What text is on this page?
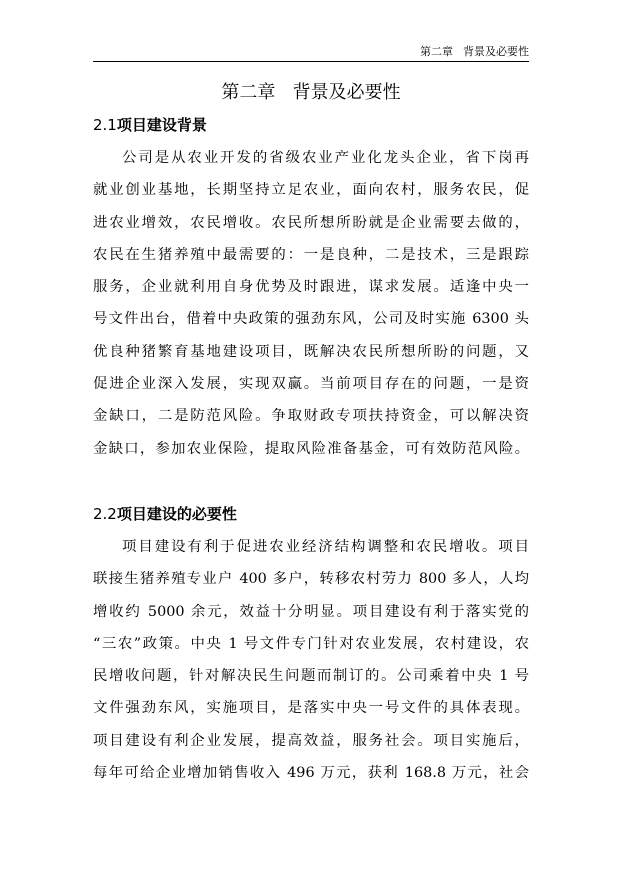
第二章 背景及必要性
第二章   背景及必要性
2.1项目建设背景
公司是从农业开发的省级农业产业化龙头企业，省下岗再
就业创业基地，长期坚持立足农业，面向农村，服务农民，促
进农业增效，农民增收。农民所想所盼就是企业需要去做的，
农民在生猪养殖中最需要的：一是良种，二是技术，三是跟踪
服务，企业就利用自身优势及时跟进，谋求发展。适逢中央一
号文件出台，借着中央政策的强劲东风，公司及时实施 6300 头
优良种猪繁育基地建设项目，既解决农民所想所盼的问题，又
促进企业深入发展，实现双赢。当前项目存在的问题，一是资
金缺口，二是防范风险。争取财政专项扶持资金，可以解决资
金缺口，参加农业保险，提取风险准备基金，可有效防范风险。
2.2项目建设的必要性
项目建设有利于促进农业经济结构调整和农民增收。项目
联接生猪养殖专业户 400 多户，转移农村劳力 800 多人，人均
增收约 5000 余元，效益十分明显。项目建设有利于落实党的
“三农”政策。中央 1 号文件专门针对农业发展，农村建设，农
民增收问题，针对解决民生问题而制订的。公司乘着中央 1 号
文件强劲东风，实施项目，是落实中央一号文件的具体表现。
项目建设有利企业发展，提高效益，服务社会。项目实施后，
每年可给企业增加销售收入 496 万元，获利 168.8 万元，社会
